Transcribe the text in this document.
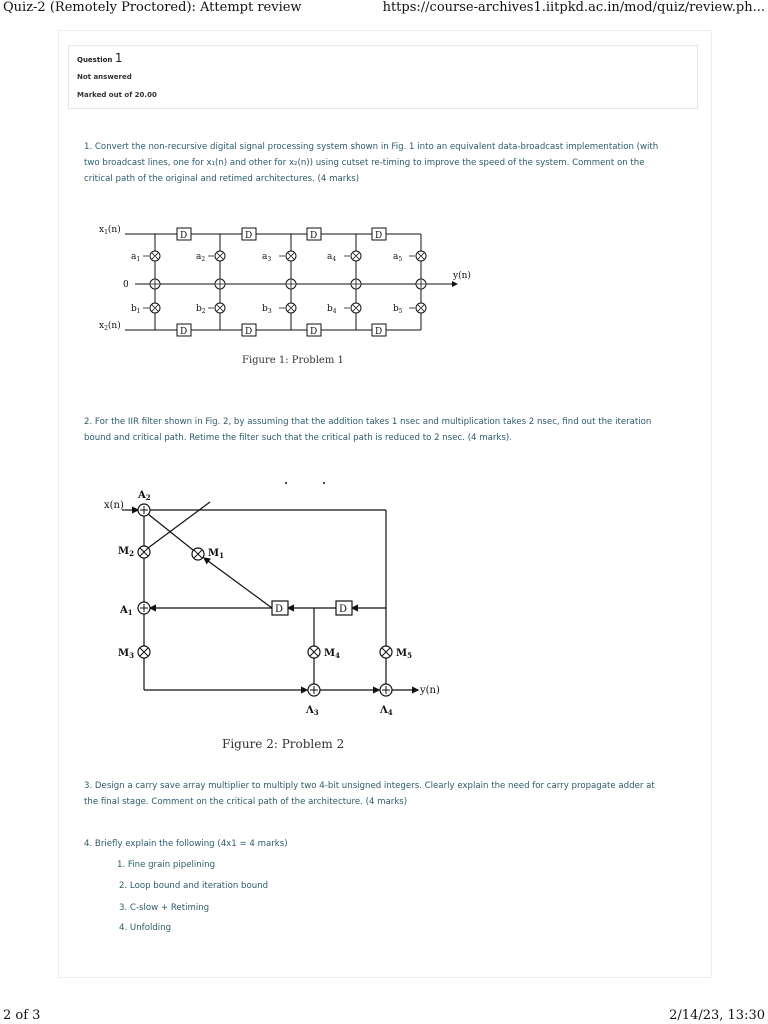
Quiz-2 (Remotely Proctored): Attempt review	https://course-archives1.iitpkd.ac.in/mod/quiz/review.ph...
Question 1
Not answered
Marked out of 20.00
1. Convert the non-recursive digital signal processing system shown in Fig. 1 into an equivalent data-broadcast implementation (with
two broadcast lines, one for x₁(n) and other for x₂(n)) using cutset re-timing to improve the speed of the system. Comment on the
critical path of the original and retimed architectures. (4 marks)
D	D	D	D
D	D	D	D
$x_1(n)$
$x_2(n)$
0
y(n)
$a_1$	$a_2$	$a_3$	$a_4$	$a_5$
$b_1$	$b_2$	$b_3$	$b_4$	$b_5$
Figure 1: Problem 1
2. For the IIR filter shown in Fig. 2, by assuming that the addition takes 1 nsec and multiplication takes 2 nsec, find out the iteration
bound and critical path. Retime the filter such that the critical path is reduced to 2 nsec. (4 marks).
D	D
x(n)
y(n)
$A_2$
$M_2$	$M_1$
$A_1$
$M_3$	$M_4$	$M_5$
$\Lambda_3$	$\Lambda_4$
Figure 2: Problem 2
3. Design a carry save array multiplier to multiply two 4-bit unsigned integers. Clearly explain the need for carry propagate adder at
the final stage. Comment on the critical path of the architecture. (4 marks)
4. Briefly explain the following (4x1 = 4 marks)
1. Fine grain pipelining
2. Loop bound and iteration bound
3. C-slow + Retiming
4. Unfolding
2 of 3	2/14/23, 13:30
